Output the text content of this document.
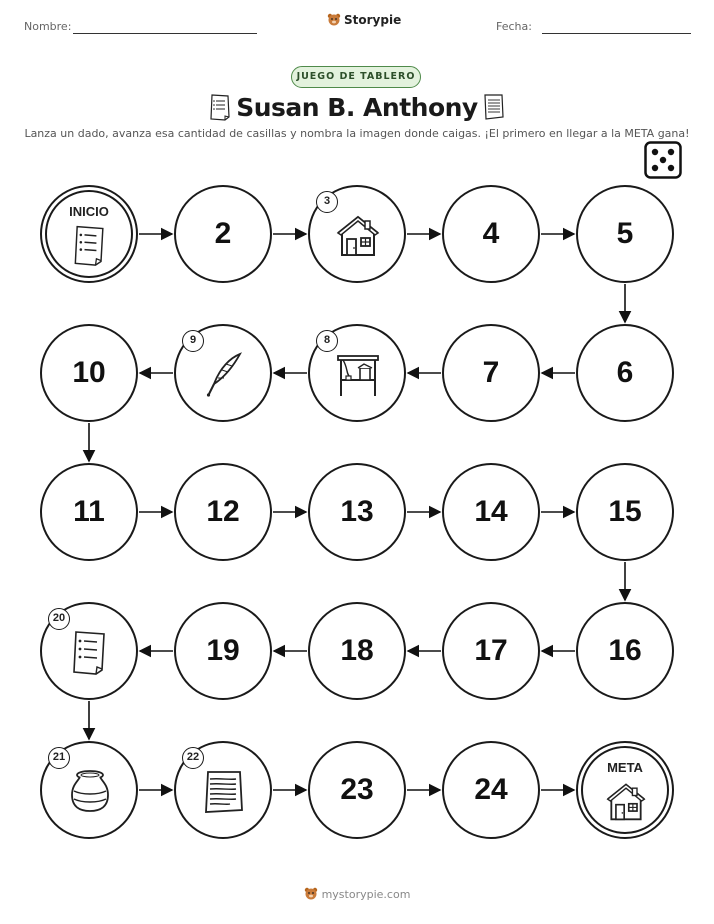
Nombre:	Storypie	Fecha:
JUEGO DE TABLERO
Susan B. Anthony
Lanza un dado, avanza esa cantidad de casillas y nombra la imagen donde caigas. ¡El primero en llegar a la META gana!
INICIO
2
3
4	5
6
7
8
9
10
11	12	13	14	15
16
17
18
19
20
21	22
23	24
META
mystorypie.com
